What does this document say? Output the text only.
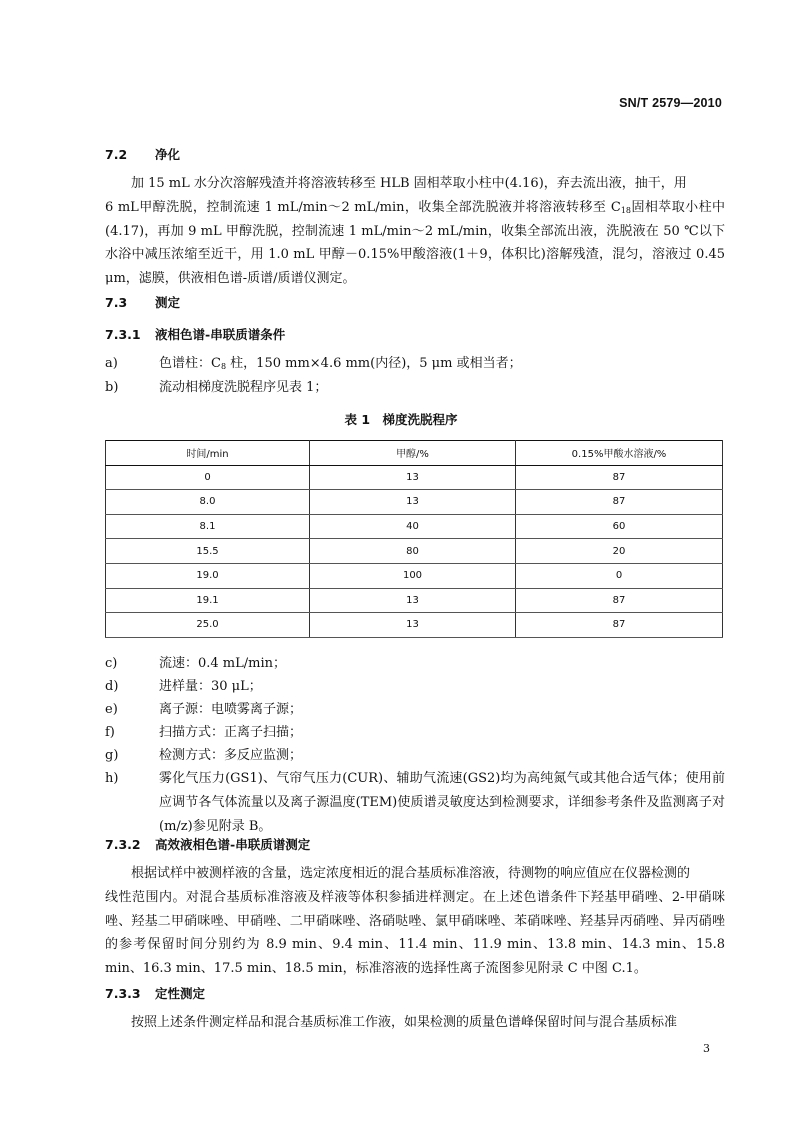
SN/T 2579—2010
7.2 净化
加 15 mL 水分次溶解残渣并将溶液转移至 HLB 固相萃取小柱中(4.16)，弃去流出液，抽干，用
6 mL甲醇洗脱，控制流速 1 mL/min～2 mL/min，收集全部洗脱液并将溶液转移至 $C_{18}$固相萃取小柱中(4.17)，再加 9 mL 甲醇洗脱，控制流速 1 mL/min～2 mL/min，收集全部流出液，洗脱液在 50 ℃以下水浴中减压浓缩至近干，用 1.0 mL 甲醇－0.15%甲酸溶液(1＋9，体积比)溶解残渣，混匀，溶液过 0.45 μm，滤膜，供液相色谱-质谱/质谱仪测定。
7.3 测定
7.3.1 液相色谱-串联质谱条件
a)	色谱柱：$C_8$ 柱，150 mm×4.6 mm(内径)，5 μm 或相当者；
b)	流动相梯度洗脱程序见表 1；
表 1　梯度洗脱程序
时间/min	甲醇/%	0.15%甲酸水溶液/%
0	13	87
8.0	13	87
8.1	40	60
15.5	80	20
19.0	100	0
19.1	13	87
25.0	13	87
c)	流速：0.4 mL/min；
d)	进样量：30 μL；
e)	离子源：电喷雾离子源；
f)	扫描方式：正离子扫描；
g)	检测方式：多反应监测；
h)	雾化气压力(GS1)、气帘气压力(CUR)、辅助气流速(GS2)均为高纯氮气或其他合适气体；使用前应调节各气体流量以及离子源温度(TEM)使质谱灵敏度达到检测要求，详细参考条件及监测离子对(m/z)参见附录 B。
7.3.2 高效液相色谱-串联质谱测定
根据试样中被测样液的含量，选定浓度相近的混合基质标准溶液，待测物的响应值应在仪器检测的
线性范围内。对混合基质标准溶液及样液等体积参插进样测定。在上述色谱条件下羟基甲硝唑、2-甲硝咪唑、羟基二甲硝咪唑、甲硝唑、二甲硝咪唑、洛硝哒唑、氯甲硝咪唑、苯硝咪唑、羟基异丙硝唑、异丙硝唑的参考保留时间分别约为 8.9 min、9.4 min、11.4 min、11.9 min、13.8 min、14.3 min、15.8 min、16.3 min、17.5 min、18.5 min，标准溶液的选择性离子流图参见附录 C 中图 C.1。
7.3.3 定性测定
按照上述条件测定样品和混合基质标准工作液，如果检测的质量色谱峰保留时间与混合基质标准
3
